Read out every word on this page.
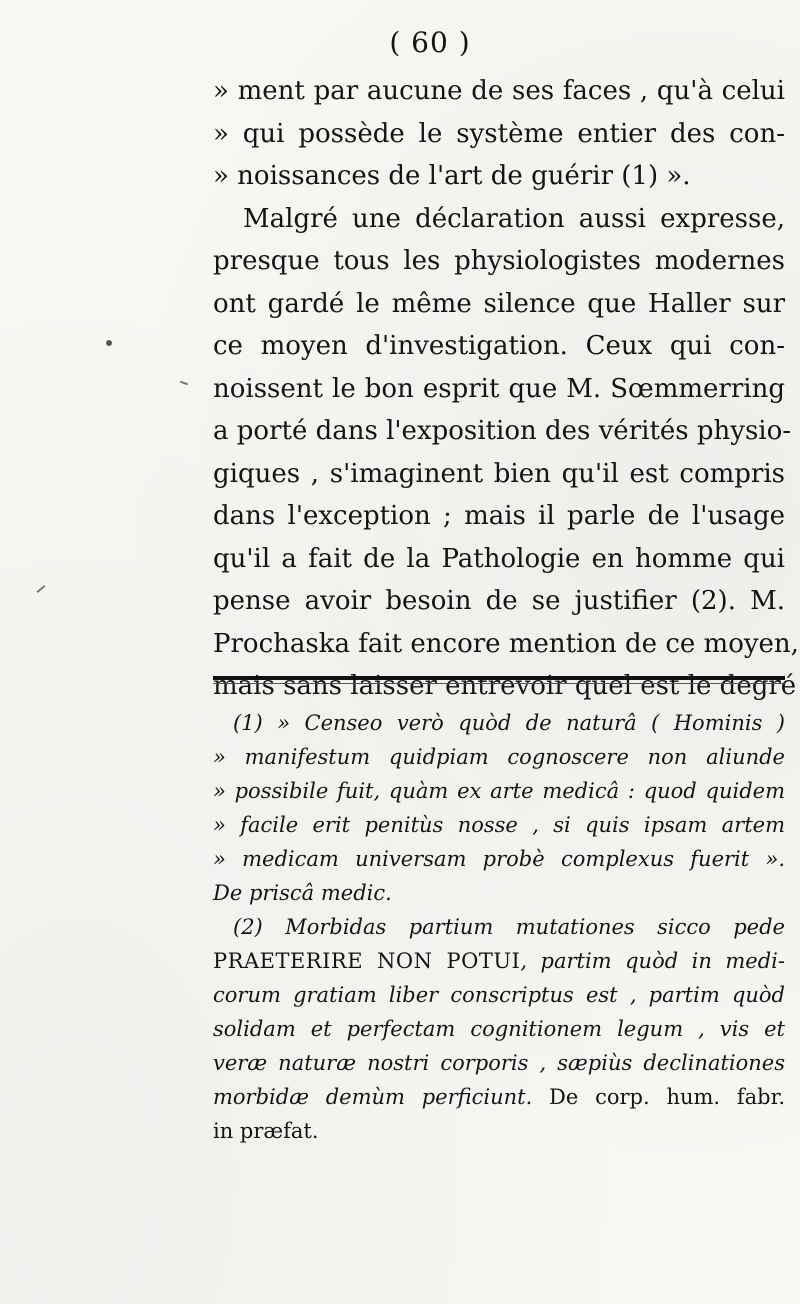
( 60 )
» ment par aucune de ses faces , qu'à celui
» qui possède le système entier des con-
» noissances de l'art de guérir (1) ».
Malgré une déclaration aussi expresse,
presque tous les physiologistes modernes
ont gardé le même silence que Haller sur
ce moyen d'investigation. Ceux qui con-
noissent le bon esprit que M. Sœmmerring
a porté dans l'exposition des vérités physio-
giques , s'imaginent bien qu'il est compris
dans l'exception ; mais il parle de l'usage
qu'il a fait de la Pathologie en homme qui
pense avoir besoin de se justifier (2). M.
Prochaska fait encore mention de ce moyen,
mais sans laisser entrevoir quel est le degré
(1) » Censeo verò quòd de naturâ ( Hominis )
» manifestum quidpiam cognoscere non aliunde
» possibile fuit, quàm ex arte medicâ : quod quidem
» facile erit penitùs nosse , si quis ipsam artem
» medicam universam probè complexus fuerit ».
De priscâ medic.
(2) Morbidas partium mutationes sicco pede
PRAETERIRE NON POTUI, partim quòd in medi-
corum gratiam liber conscriptus est , partim quòd
solidam et perfectam cognitionem legum , vis et
veræ naturæ nostri corporis , sæpiùs declinationes
morbidæ demùm perficiunt. De corp. hum. fabr.
in præfat.
